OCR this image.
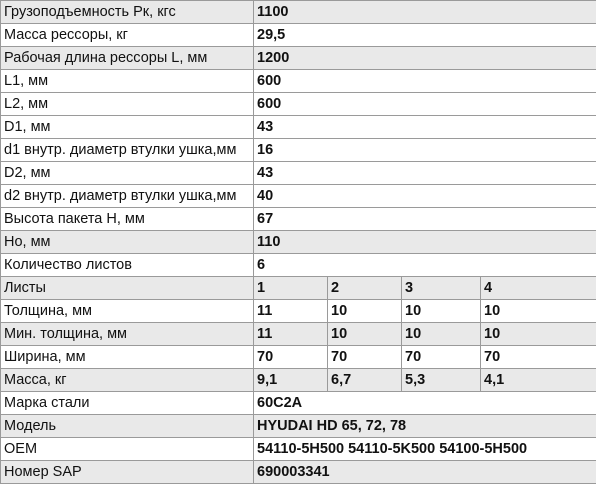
Грузоподъемность Рк, кгс	1100			
Масса рессоры, кг	29,5			
Рабочая длина рессоры L, мм	1200			
L1, мм	600			
L2, мм	600			
D1, мм	43			
d1 внутр. диаметр втулки ушка,мм	16			
D2, мм	43			
d2 внутр. диаметр втулки ушка,мм	40			
Высота пакета Н, мм	67			
Но, мм	110			
Количество листов	6			
Листы	1	2	3	4
Толщина, мм	11	10	10	10
Мин. толщина, мм	11	10	10	10
Ширина, мм	70	70	70	70
Масса, кг	9,1	6,7	5,3	4,1
Марка стали	60С2А			
Модель	HYUDAI HD 65, 72, 78			
OEM	54110-5H500 54110-5K500 54100-5H500			
Номер SAP	690003341			
